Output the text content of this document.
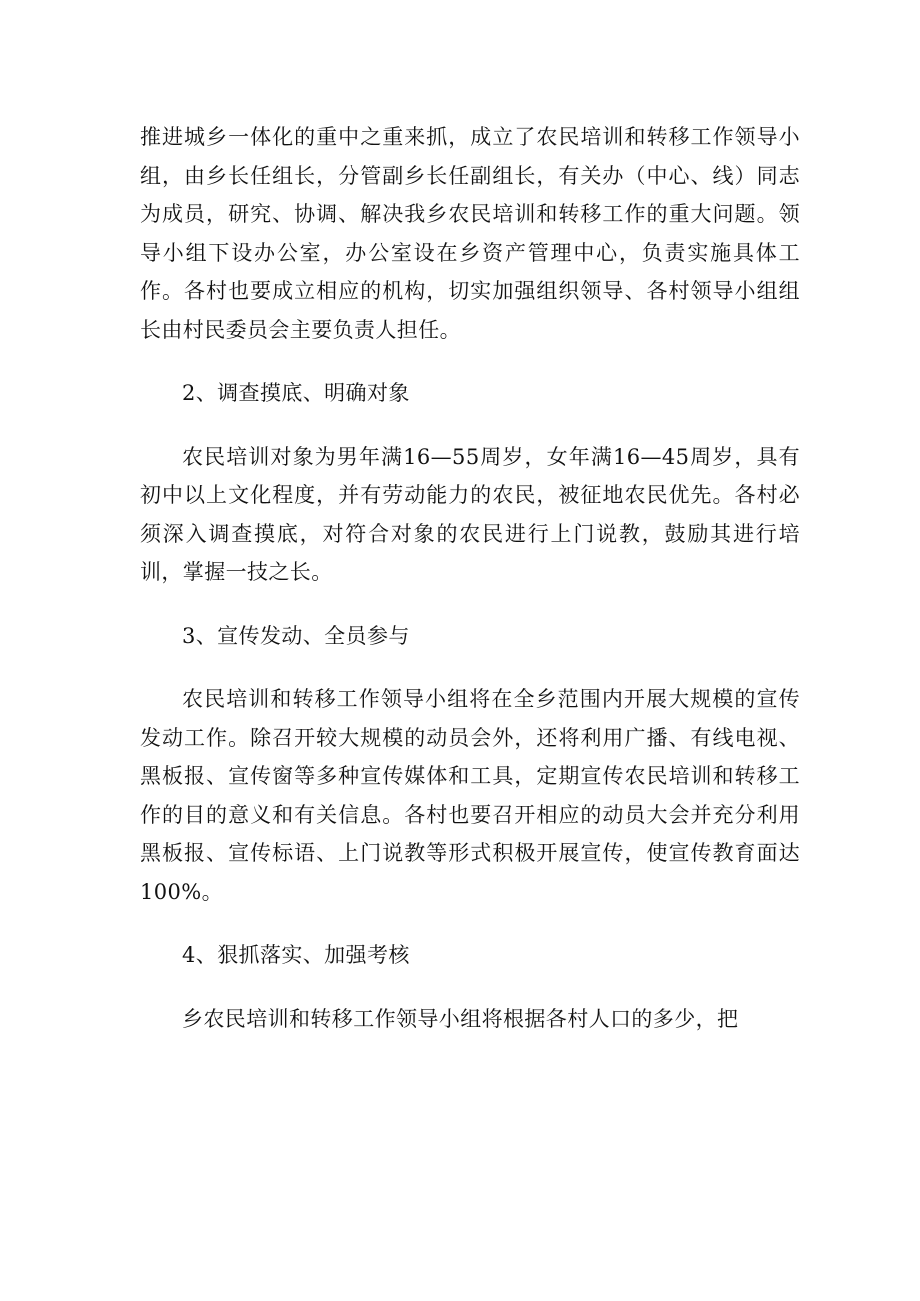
推进城乡一体化的重中之重来抓，成立了农民培训和转移工作领导小组，由乡长任组长，分管副乡长任副组长，有关办（中心、线）同志为成员，研究、协调、解决我乡农民培训和转移工作的重大问题。领导小组下设办公室，办公室设在乡资产管理中心，负责实施具体工作。各村也要成立相应的机构，切实加强组织领导、各村领导小组组长由村民委员会主要负责人担任。

2、调查摸底、明确对象

农民培训对象为男年满16—55周岁，女年满16—45周岁，具有初中以上文化程度，并有劳动能力的农民，被征地农民优先。各村必须深入调查摸底，对符合对象的农民进行上门说教，鼓励其进行培训，掌握一技之长。

3、宣传发动、全员参与

农民培训和转移工作领导小组将在全乡范围内开展大规模的宣传发动工作。除召开较大规模的动员会外，还将利用广播、有线电视、黑板报、宣传窗等多种宣传媒体和工具，定期宣传农民培训和转移工作的目的意义和有关信息。各村也要召开相应的动员大会并充分利用黑板报、宣传标语、上门说教等形式积极开展宣传，使宣传教育面达100%。

4、狠抓落实、加强考核

乡农民培训和转移工作领导小组将根据各村人口的多少，把
